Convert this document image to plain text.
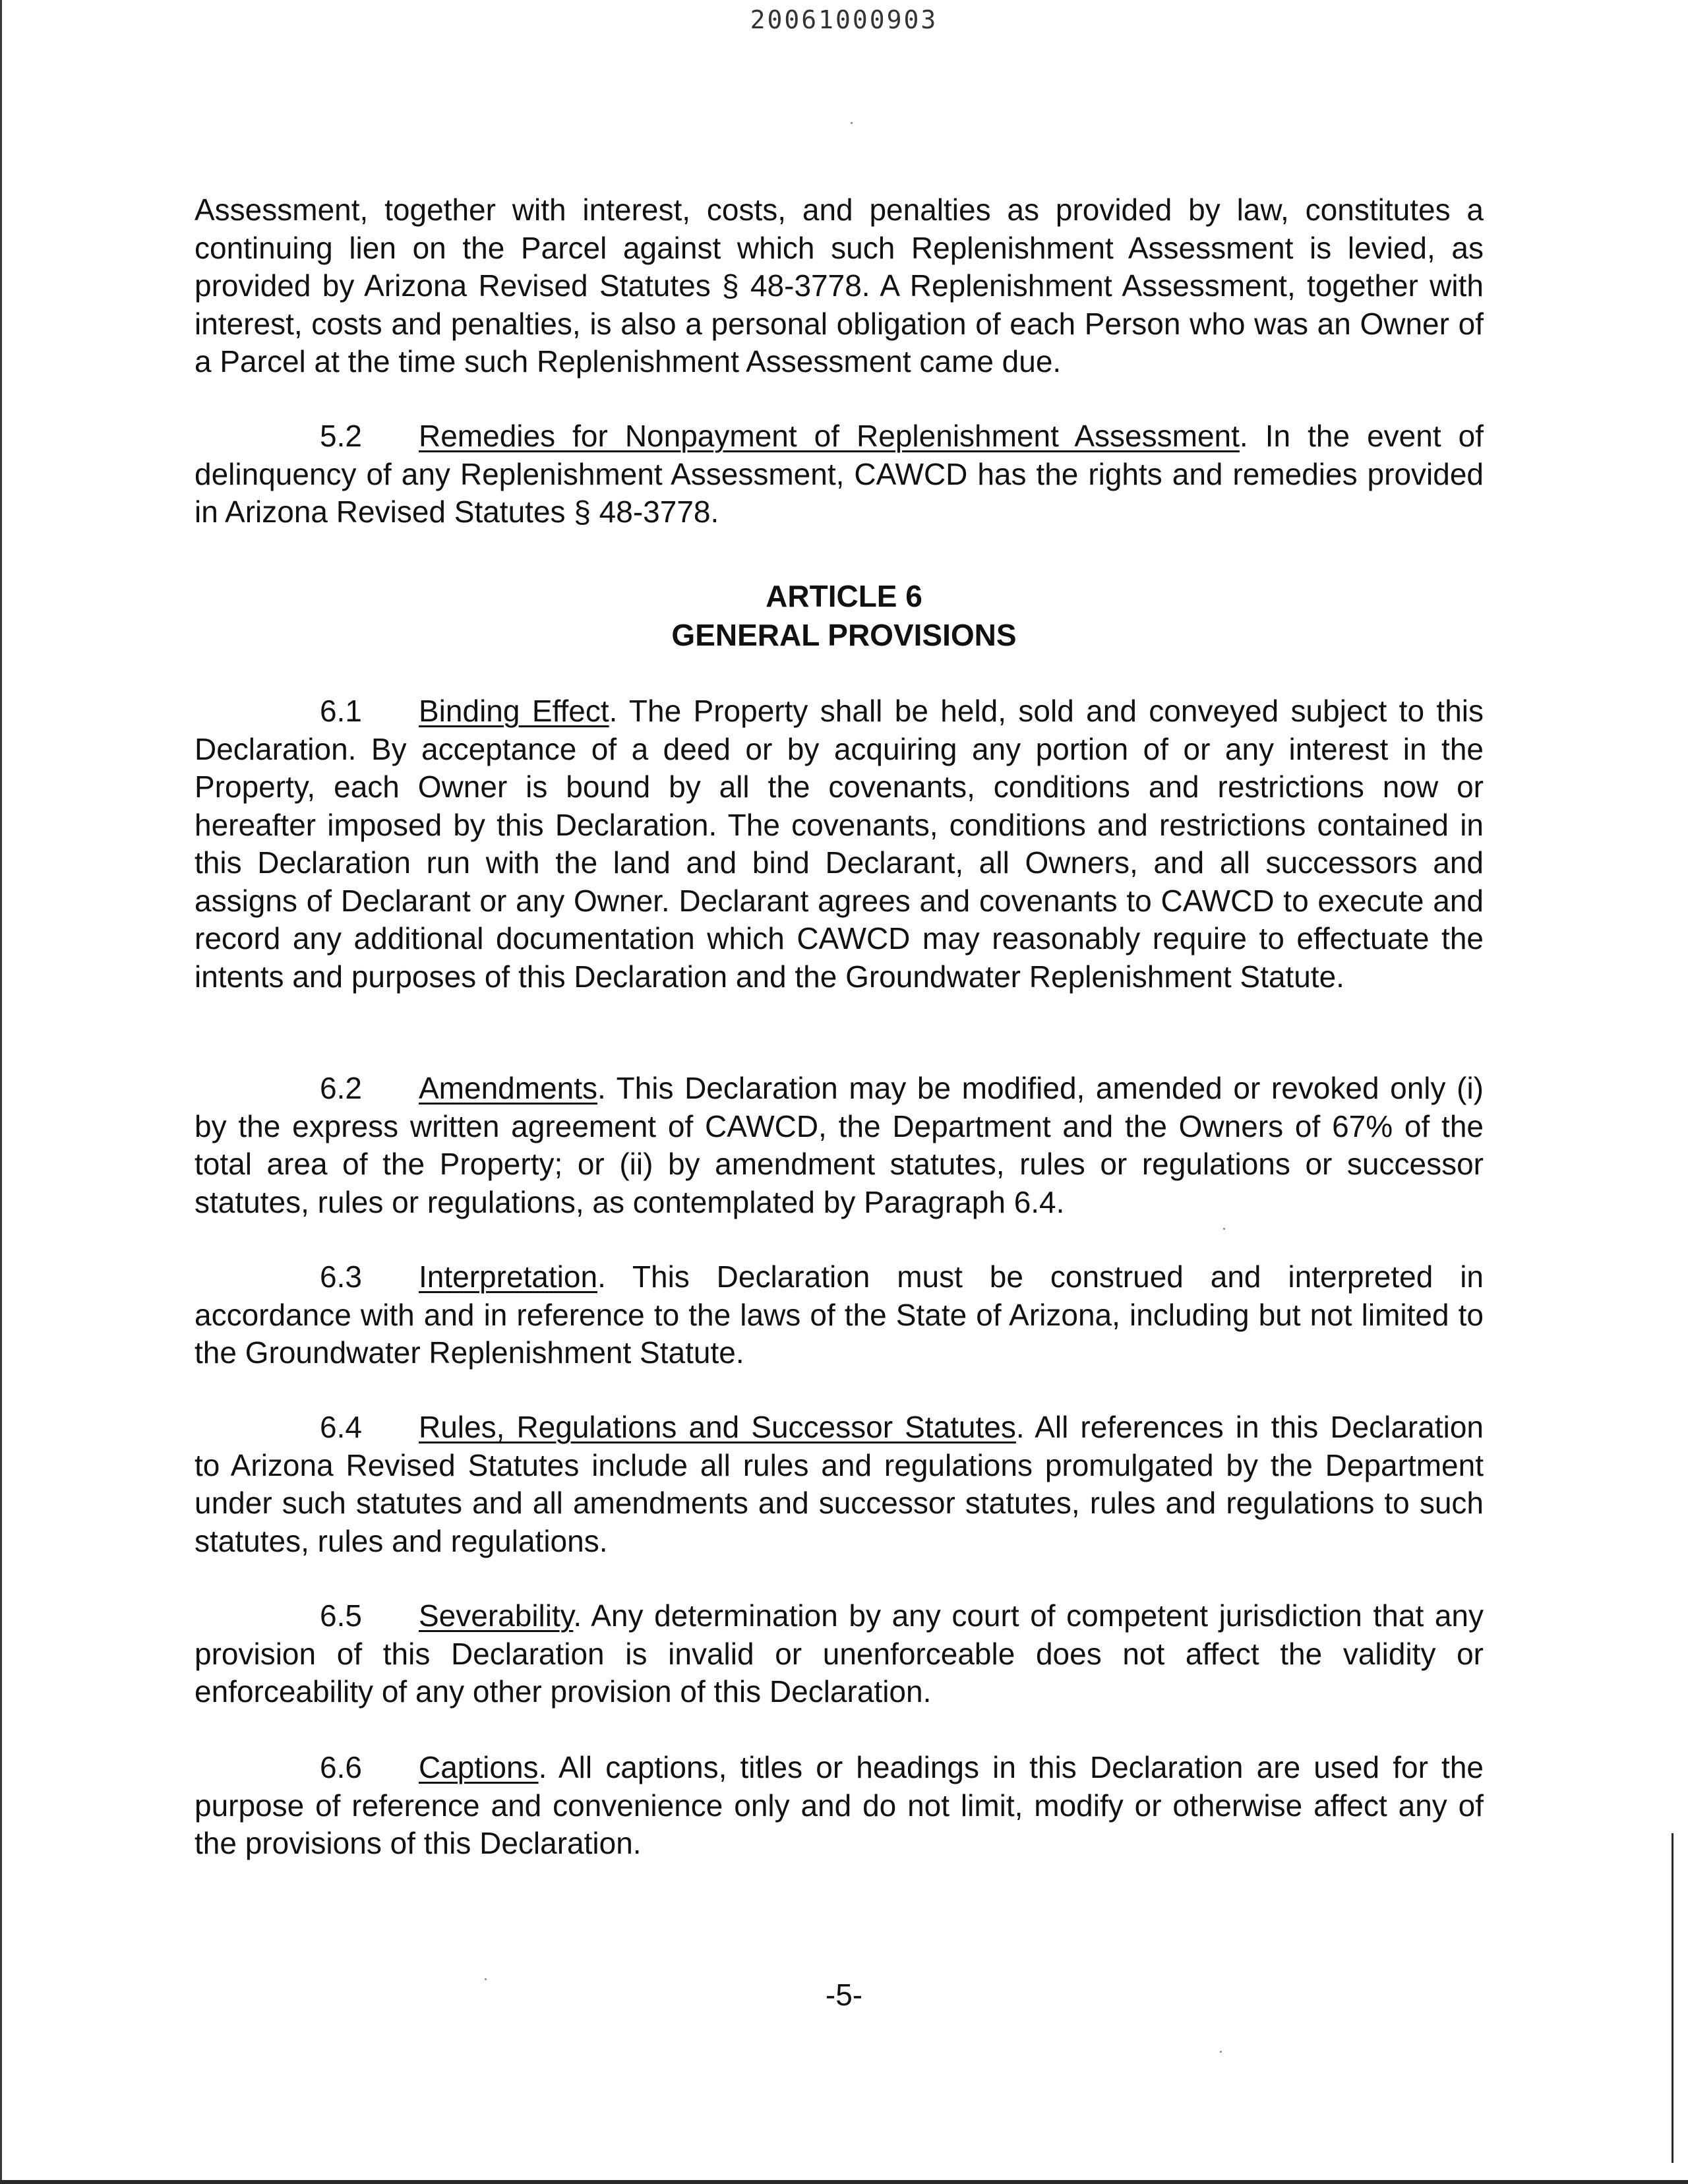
20061000903

Assessment, together with interest, costs, and penalties as provided by law, constitutes a continuing lien on the Parcel against which such Replenishment Assessment is levied, as provided by Arizona Revised Statutes § 48-3778. A Replenishment Assessment, together with interest, costs and penalties, is also a personal obligation of each Person who was an Owner of a Parcel at the time such Replenishment Assessment came due.

5.2 Remedies for Nonpayment of Replenishment Assessment. In the event of delinquency of any Replenishment Assessment, CAWCD has the rights and remedies provided in Arizona Revised Statutes § 48-3778.

ARTICLE 6
GENERAL PROVISIONS

6.1 Binding Effect. The Property shall be held, sold and conveyed subject to this Declaration. By acceptance of a deed or by acquiring any portion of or any interest in the Property, each Owner is bound by all the covenants, conditions and restrictions now or hereafter imposed by this Declaration. The covenants, conditions and restrictions contained in this Declaration run with the land and bind Declarant, all Owners, and all successors and assigns of Declarant or any Owner. Declarant agrees and covenants to CAWCD to execute and record any additional documentation which CAWCD may reasonably require to effectuate the intents and purposes of this Declaration and the Groundwater Replenishment Statute.

6.2 Amendments. This Declaration may be modified, amended or revoked only (i) by the express written agreement of CAWCD, the Department and the Owners of 67% of the total area of the Property; or (ii) by amendment statutes, rules or regulations or successor statutes, rules or regulations, as contemplated by Paragraph 6.4.

6.3 Interpretation. This Declaration must be construed and interpreted in accordance with and in reference to the laws of the State of Arizona, including but not limited to the Groundwater Replenishment Statute.

6.4 Rules, Regulations and Successor Statutes. All references in this Declaration to Arizona Revised Statutes include all rules and regulations promulgated by the Department under such statutes and all amendments and successor statutes, rules and regulations to such statutes, rules and regulations.

6.5 Severability. Any determination by any court of competent jurisdiction that any provision of this Declaration is invalid or unenforceable does not affect the validity or enforceability of any other provision of this Declaration.

6.6 Captions. All captions, titles or headings in this Declaration are used for the purpose of reference and convenience only and do not limit, modify or otherwise affect any of the provisions of this Declaration.

-5-
